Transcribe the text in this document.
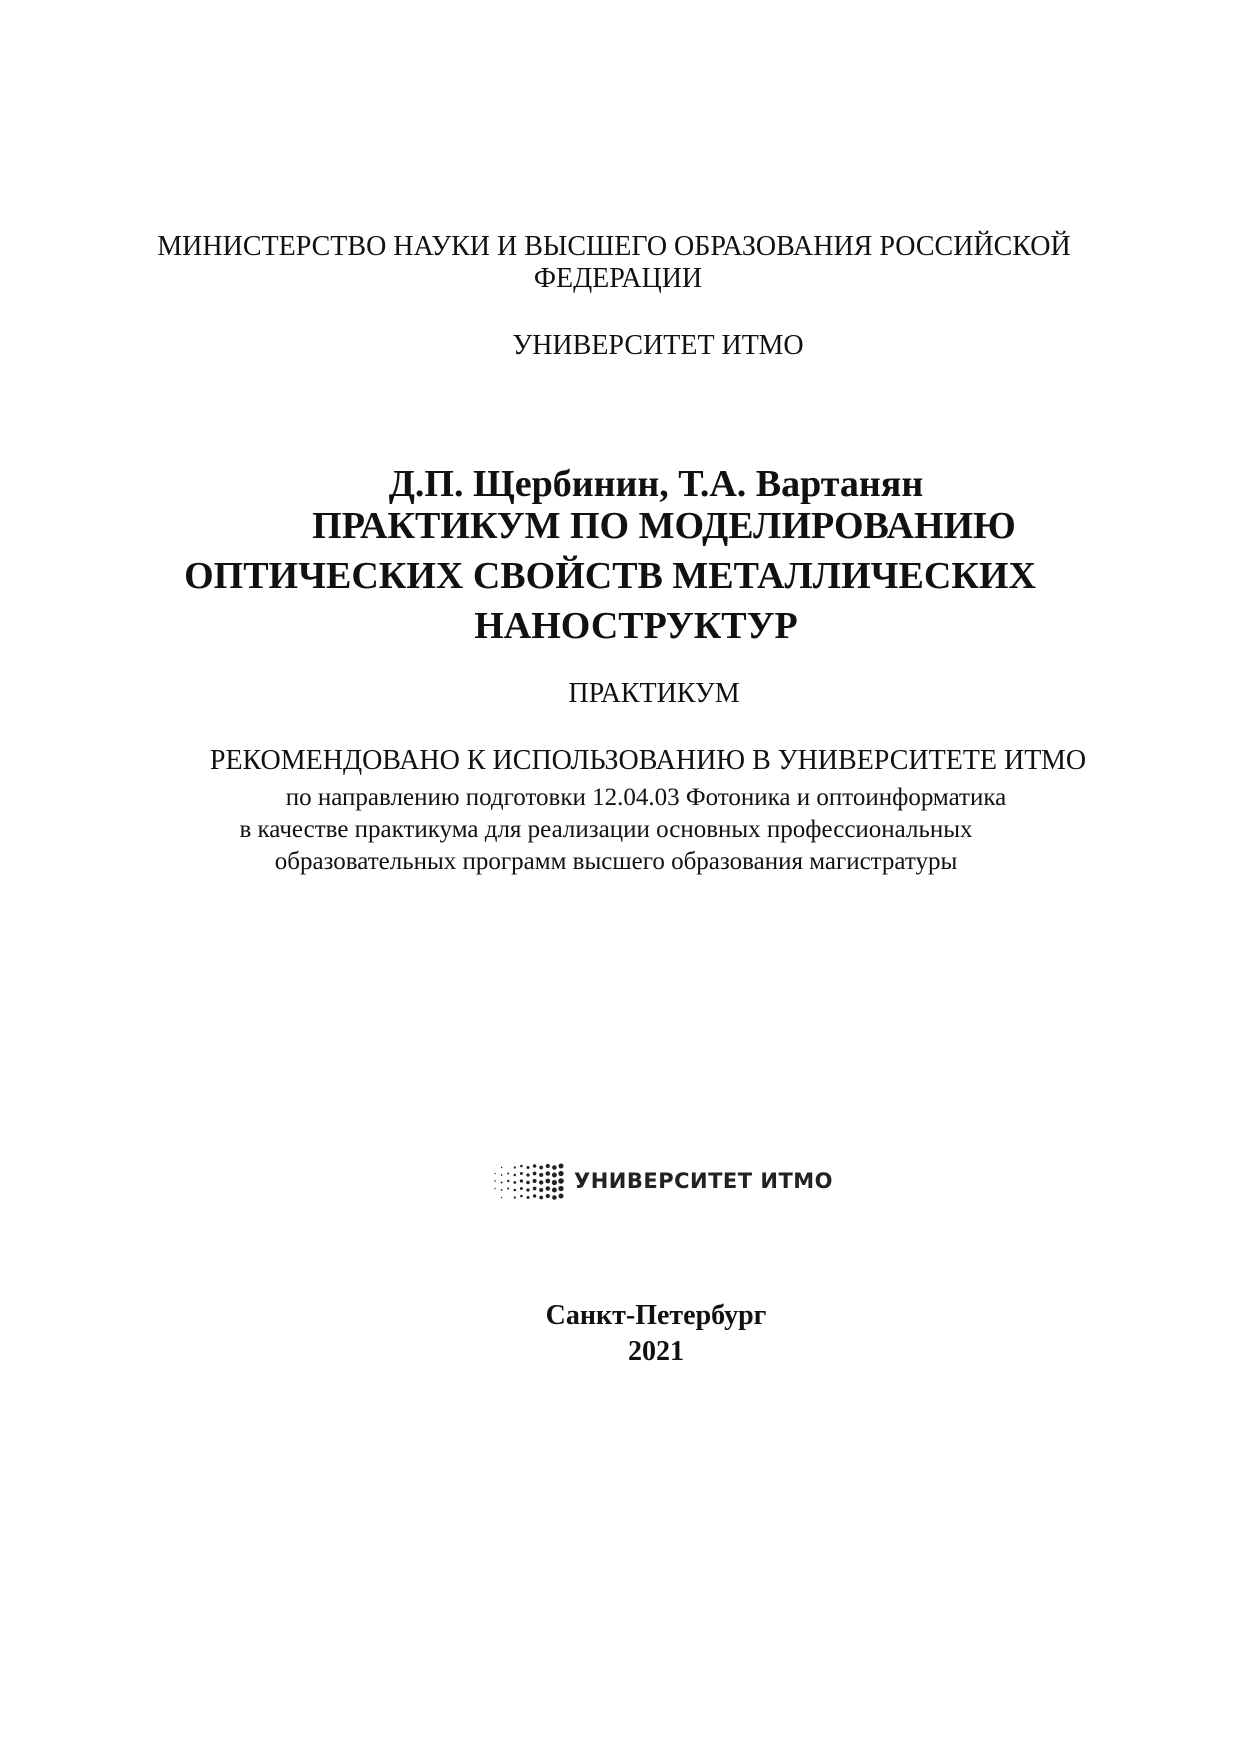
МИНИСТЕРСТВО НАУКИ И ВЫСШЕГО ОБРАЗОВАНИЯ РОССИЙСКОЙ
ФЕДЕРАЦИИ
УНИВЕРСИТЕТ ИТМО
Д.П. Щербинин, Т.А. Вартанян
ПРАКТИКУМ ПО МОДЕЛИРОВАНИЮ
ОПТИЧЕСКИХ СВОЙСТВ МЕТАЛЛИЧЕСКИХ
НАНОСТРУКТУР
ПРАКТИКУМ
РЕКОМЕНДОВАНО К ИСПОЛЬЗОВАНИЮ В УНИВЕРСИТЕТЕ ИТМО
по направлению подготовки 12.04.03 Фотоника и оптоинформатика
в качестве практикума для реализации основных профессиональных
образовательных программ высшего образования магистратуры
УНИВЕРСИТЕТ ИТМО
Санкт-Петербург
2021
